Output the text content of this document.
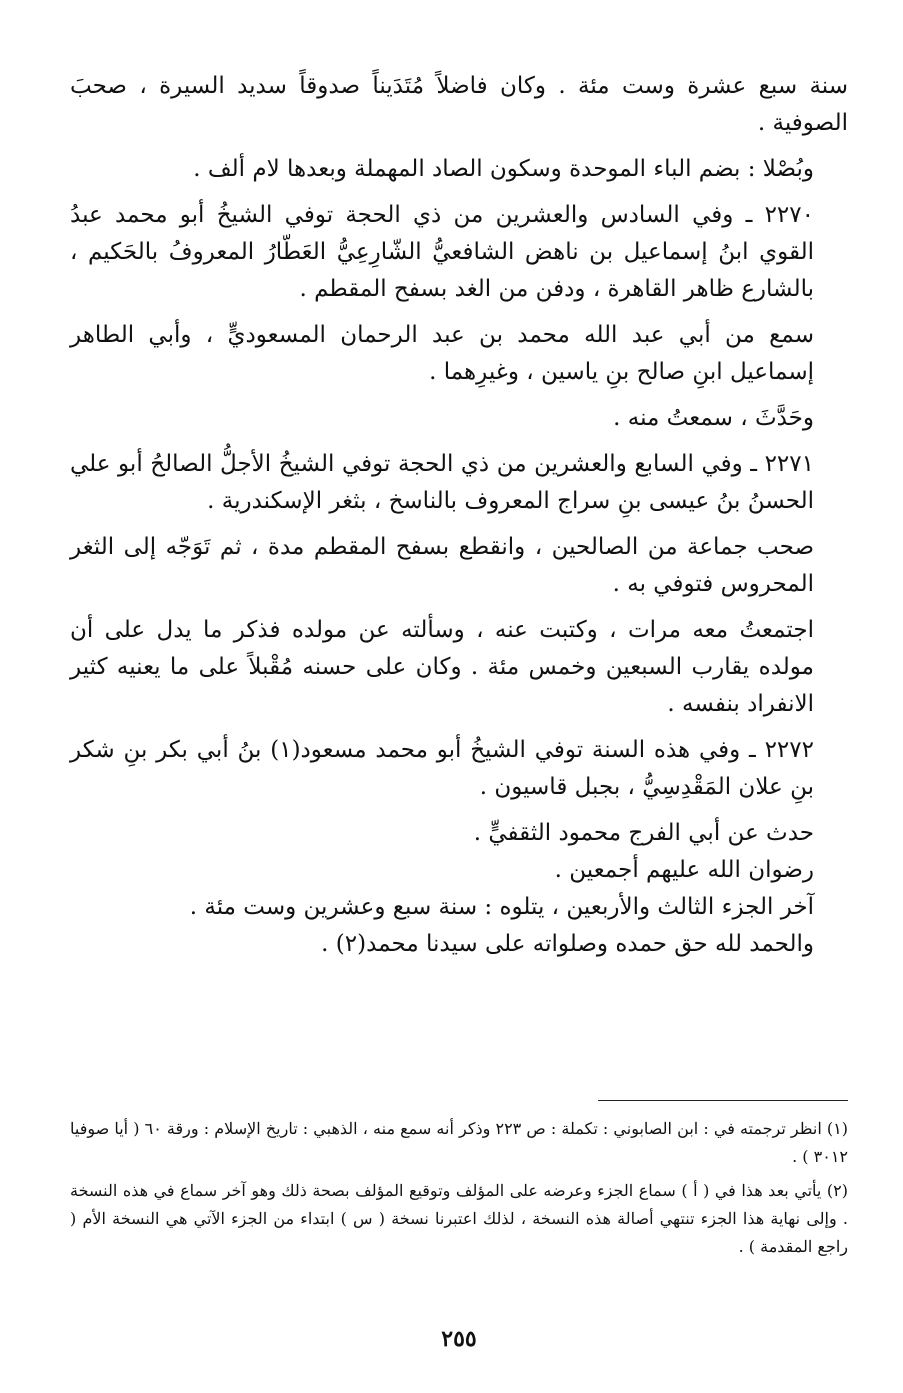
سنة سبع عشرة وست مئة . وكان فاضلاً مُتَدَيناً صدوقاً سديد السيرة ، صحبَ الصوفية .

وبُصْلا : بضم الباء الموحدة وسكون الصاد المهملة وبعدها لام ألف .

٢٢٧٠ ـ وفي السادس والعشرين من ذي الحجة توفي الشيخُ أبو محمد عبدُ القوي ابنُ إسماعيل بن ناهض الشافعيُّ الشّارِعِيُّ العَطّارُ المعروفُ بالحَكيم ، بالشارع ظاهر القاهرة ، ودفن من الغد بسفح المقطم .

سمع من أبي عبد الله محمد بن عبد الرحمان المسعوديٍّ ، وأبي الطاهر إسماعيل ابنِ صالح بنِ ياسين ، وغيرِهما .

وحَدَّثَ ، سمعتُ منه .

٢٢٧١ ـ وفي السابع والعشرين من ذي الحجة توفي الشيخُ الأجلُّ الصالحُ أبو علي الحسنُ بنُ عيسى بنِ سراج المعروف بالناسخ ، بثغر الإسكندرية .

صحب جماعة من الصالحين ، وانقطع بسفح المقطم مدة ، ثم تَوَجّه إلى الثغر المحروس فتوفي به .

اجتمعتُ معه مرات ، وكتبت عنه ، وسألته عن مولده فذكر ما يدل على أن مولده يقارب السبعين وخمس مئة . وكان على حسنه مُقْبلاً على ما يعنيه كثير الانفراد بنفسه .

٢٢٧٢ ـ وفي هذه السنة توفي الشيخُ أبو محمد مسعود(١) بنُ أبي بكر بنِ شكر بنِ علان المَقْدِسِيُّ ، بجبل قاسيون .

حدث عن أبي الفرج محمود الثقفيٍّ .

رضوان الله عليهم أجمعين .

آخر الجزء الثالث والأربعين ، يتلوه : سنة سبع وعشرين وست مئة .

والحمد لله حق حمده وصلواته على سيدنا محمد(٢) .

(١) انظر ترجمته في : ابن الصابوني : تكملة : ص ٢٢٣ وذكر أنه سمع منه ، الذهبي : تاريخ الإسلام : ورقة ٦٠ ( أيا صوفيا ٣٠١٢ ) .

(٢) يأتي بعد هذا في ( أ ) سماع الجزء وعرضه على المؤلف وتوقيع المؤلف بصحة ذلك وهو آخر سماع في هذه النسخة . وإلى نهاية هذا الجزء تنتهي أصالة هذه النسخة ، لذلك اعتبرنا نسخة ( س ) ابتداء من الجزء الآتي هي النسخة الأم ( راجع المقدمة ) .

٢٥٥
